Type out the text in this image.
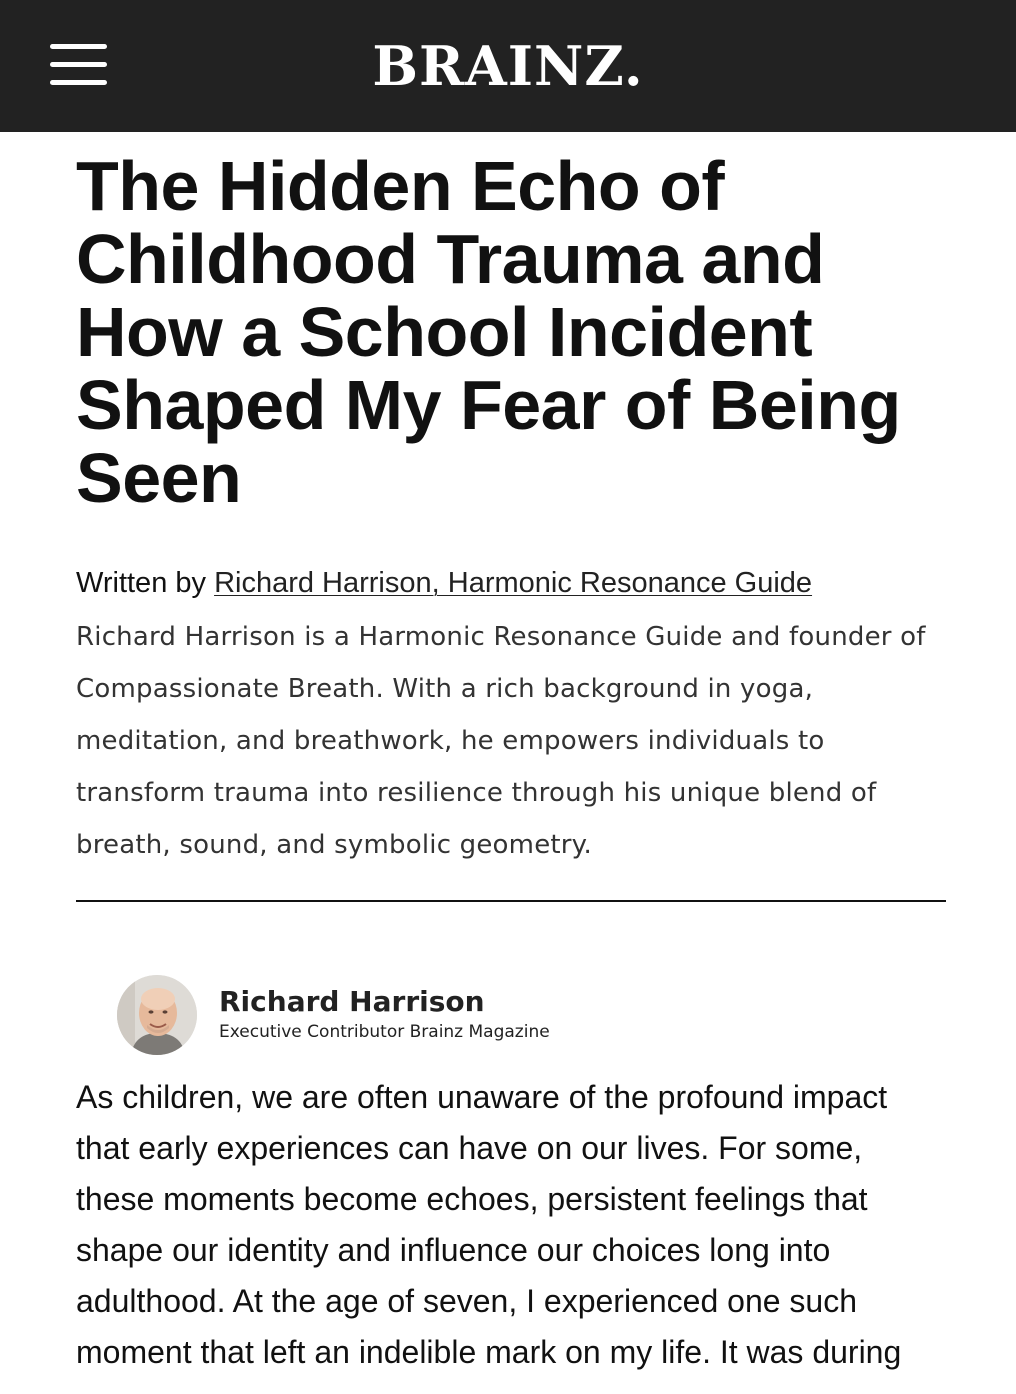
BRAINZ.
The Hidden Echo of Childhood Trauma and How a School Incident Shaped My Fear of Being Seen
Written by Richard Harrison, Harmonic Resonance Guide
Richard Harrison is a Harmonic Resonance Guide and founder of Compassionate Breath. With a rich background in yoga, meditation, and breathwork, he empowers individuals to transform trauma into resilience through his unique blend of breath, sound, and symbolic geometry.
Richard Harrison
Executive Contributor Brainz Magazine

As children, we are often unaware of the profound impact that early experiences can have on our lives. For some, these moments become echoes, persistent feelings that shape our identity and influence our choices long into adulthood. At the age of seven, I experienced one such moment that left an indelible mark on my life. It was during
